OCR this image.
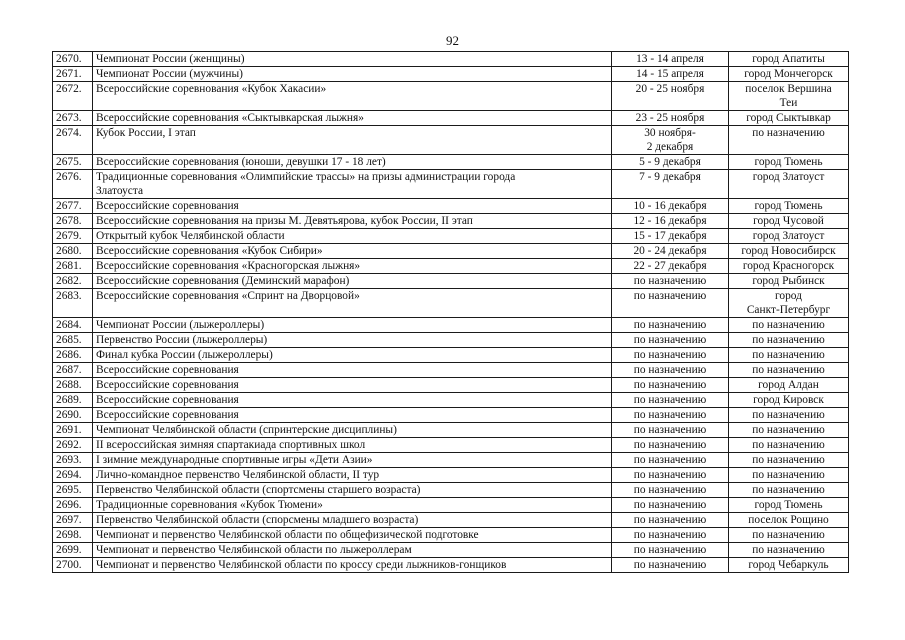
92
2670.	Чемпионат России (женщины)	13 - 14 апреля	город Апатиты

2671.	Чемпионат России (мужчины)	14 - 15 апреля	город Мончегорск

2672.	Всероссийские соревнования «Кубок Хакасии»	20 - 25 ноября	поселок Вершина
Теи

2673.	Всероссийские соревнования «Сыктывкарская лыжня»	23 - 25 ноября	город Сыктывкар

2674.	Кубок России, I этап	30 ноября-
2 декабря	по назначению

2675.	Всероссийские соревнования (юноши, девушки 17 - 18 лет)	5 - 9 декабря	город Тюмень

2676.	Традиционные соревнования «Олимпийские трассы» на призы администрации города
Златоуста	7 - 9 декабря	город Златоуст

2677.	Всероссийские соревнования	10 - 16 декабря	город Тюмень

2678.	Всероссийские соревнования на призы М. Девятьярова, кубок России, II этап	12 - 16 декабря	город Чусовой

2679.	Открытый кубок Челябинской области	15 - 17 декабря	город Златоуст

2680.	Всероссийские соревнования «Кубок Сибири»	20 - 24 декабря	город Новосибирск

2681.	Всероссийские соревнования «Красногорская лыжня»	22 - 27 декабря	город Красногорск

2682.	Всероссийские соревнования (Деминский марафон)	по назначению	город Рыбинск

2683.	Всероссийские соревнования «Спринт на Дворцовой»	по назначению	город
Санкт-Петербург

2684.	Чемпионат России (лыжероллеры)	по назначению	по назначению

2685.	Первенство России (лыжероллеры)	по назначению	по назначению

2686.	Финал кубка России (лыжероллеры)	по назначению	по назначению

2687.	Всероссийские соревнования	по назначению	по назначению

2688.	Всероссийские соревнования	по назначению	город Алдан

2689.	Всероссийские соревнования	по назначению	город Кировск

2690.	Всероссийские соревнования	по назначению	по назначению

2691.	Чемпионат Челябинской области (спринтерские дисциплины)	по назначению	по назначению

2692.	II всероссийская зимняя спартакиада спортивных школ	по назначению	по назначению

2693.	I зимние международные спортивные игры «Дети Азии»	по назначению	по назначению

2694.	Лично-командное первенство Челябинской области, II тур	по назначению	по назначению

2695.	Первенство Челябинской области (спортсмены старшего возраста)	по назначению	по назначению

2696.	Традиционные соревнования «Кубок Тюмени»	по назначению	город Тюмень

2697.	Первенство Челябинской области (спорсмены младшего возраста)	по назначению	поселок Рощино

2698.	Чемпионат и первенство Челябинской области по общефизической подготовке	по назначению	по назначению

2699.	Чемпионат и первенство Челябинской области по лыжероллерам	по назначению	по назначению

2700.	Чемпионат и первенство Челябинской области по кроссу среди лыжников-гонщиков	по назначению	город Чебаркуль
